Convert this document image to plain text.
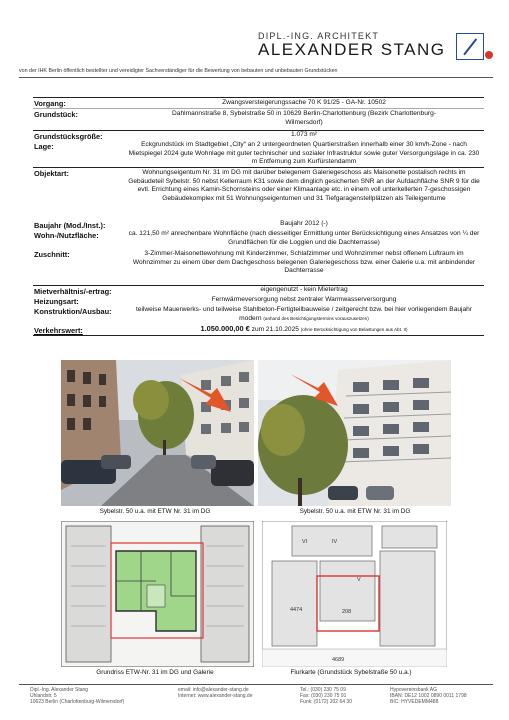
DIPL.-ING. ARCHITEKT
ALEXANDER STANG
von der IHK Berlin öffentlich bestellter und vereidigter Sachverständiger für die Bewertung von bebauten und unbebauten Grundstücken
Vorgang:	Zwangsversteigerungssache 70 K 91/25 - GA-Nr. 10502
Grundstück:	Dahlmannstraße 8, Sybelstraße 50 in 10629 Berlin-Charlottenburg (Bezirk Charlottenburg-Wilmersdorf)
Grundstücksgröße:	1.073 m²
Lage:	Eckgrundstück im Stadtgebiet „City“ an 2 untergeordneten Quartierstraßen innerhalb einer 30 km/h-Zone - nach Mietspiegel 2024 gute Wohnlage mit guter technischer und sozialer Infrastruktur sowie guter Versorgungslage in ca. 230 m Entfernung zum Kurfürstendamm
Objektart:	Wohnungseigentum Nr. 31 im DG mit darüber belegenem Galeriegeschoss als Maisonette postalisch rechts im Gebäudeteil Sybelstr. 50 nebst Kellerraum K31 sowie dem dinglich gesicherten SNR an der Aufdachfläche SNR 9 für die evtl. Errichtung eines Kamin-Schornsteins oder einer Klimaanlage etc. in einem voll unterkellerten 7-geschossigen Gebäudekomplex mit 51 Wohnungseigentumen und 31 Tiefgaragenstellplätzen als Teileigentume
Baujahr (Mod./Inst.):	Baujahr 2012 (-)
Wohn-/Nutzfläche:	ca. 121,50 m² anrechenbare Wohnfläche (nach diesseitiger Ermittlung unter Berücksichtigung eines Ansatzes von ¼ der Grundflächen für die Loggien und die Dachterrasse)
Zuschnitt:	3-Zimmer-Maisonettewohnung mit Kinderzimmer, Schlafzimmer und Wohnzimmer nebst offenem Luftraum im Wohnzimmer zu einem über dem Dachgeschoss belegenen Galeriegeschoss bzw. einer Galerie u.a. mit anbindender Dachterrasse
Mietverhältnis/-ertrag:	eigengenutzt - kein Mietertrag
Heizungsart:	Fernwärmeversorgung nebst zentraler Warmwasserversorgung
Konstruktion/Ausbau:	teilweise Mauerwerks- und teilweise Stahlbeton-Fertigteilbauweise / zeitgerecht bzw. bei hier vorliegendem Baujahr modern (anhand des Besichtigungstermins vorauszusetzen)
Verkehrswert:	1.050.000,00 € zum 21.10.2025 (ohne Berücksichtigung von Belastungen aus Abt. II)
Sybelstr. 50 u.a. mit ETW Nr. 31 im DG	Sybelstr. 50 u.a. mit ETW Nr. 31 im DG
Grundriss ETW-Nr. 31 im DG und Galerie
VI	IV
V
4474	208
4689
Flurkarte (Grundstück Sybelstraße 50 u.a.)
Dipl.-Ing. Alexander Stang
Uhlandstr. 5
10623 Berlin (Charlottenburg-Wilmersdorf)
email: info@alexander-stang.de
Internet: www.alexander-stang.de
Tel.: (030) 230 75 09
Fax: (030) 230 75 91
Funk: (0172) 202 64 30
Hypovereinsbank AG
IBAN: DE12 1002 0890 0011 1798
BIC: HYVEDEMM488
